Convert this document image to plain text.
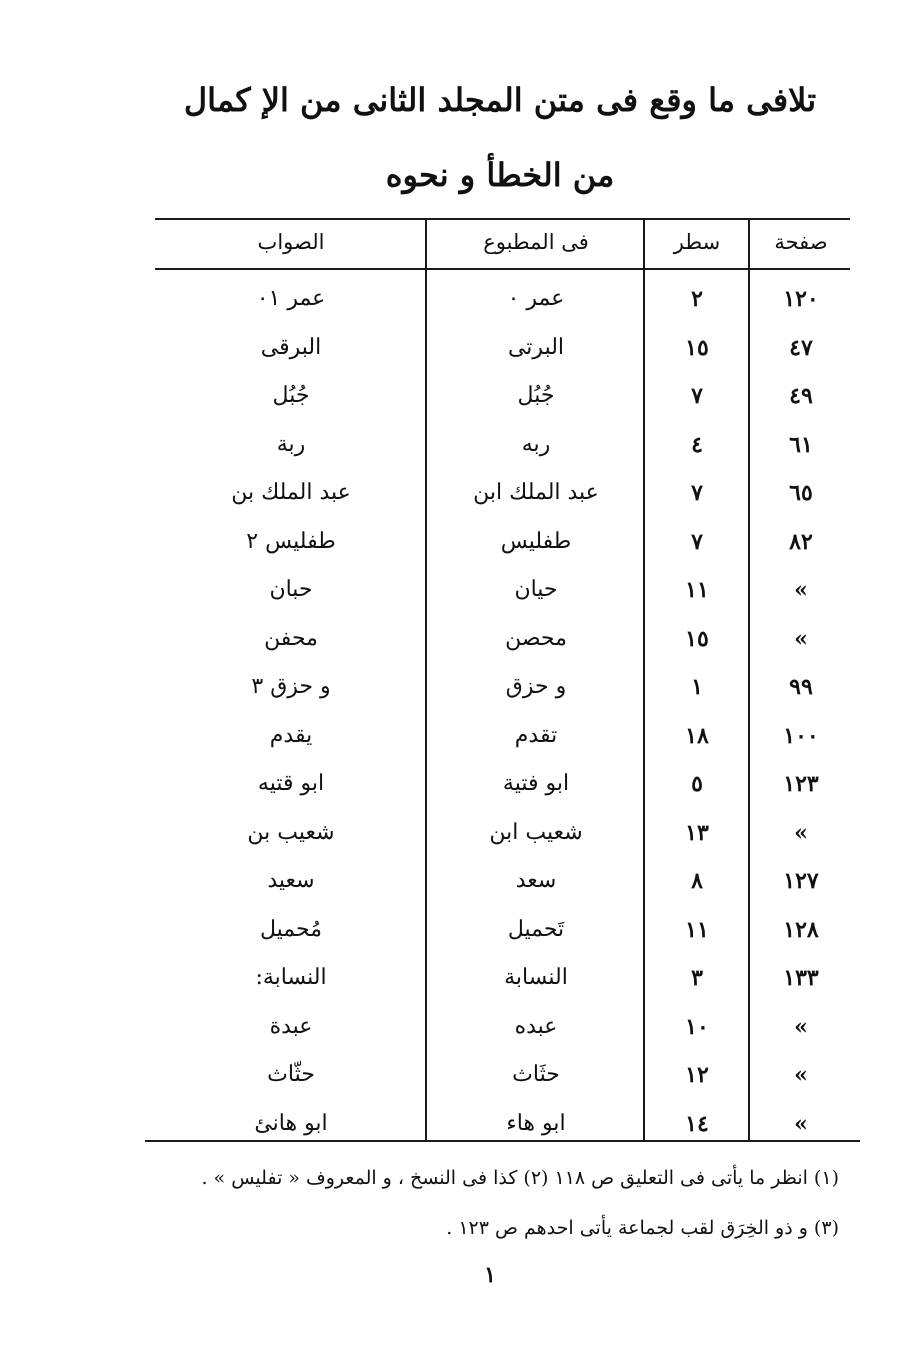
تلافى ما وقع فى متن المجلد الثانى من الإ كمال
من الخطأ و نحوه
صفحة
سطر
فى المطبوع
الصواب
١٢٠
٢
عمر ٠
عمر ٠١
٤٧
١٥
البرتى
البرقى
٤٩
٧
جُبُل
جُبُل
٦١
٤
ربه
ربة
٦٥
٧
عبد الملك ابن
عبد الملك بن
٨٢
٧
طفليس
طفليس ٢
»
١١
حيان
حبان
»
١٥
محصن
محفن
٩٩
١
و حزق
و حزق ٣
١٠٠
١٨
تقدم
يقدم
١٢٣
٥
ابو فتية
ابو قتيه
»
١٣
شعيب ابن
شعيب بن
١٢٧
٨
سعد
سعيد
١٢٨
١١
تَحميل
مُحميل
١٣٣
٣
النسابة
النسابة:
»
١٠
عبده
عبدة
»
١٢
حثَاث
حثّاث
»
١٤
ابو هاء
ابو هانئ
(١) انظر ما يأتى فى التعليق ص ١١٨ (٢) كذا فى النسخ ، و المعروف « تفليس » .
(٣) و ذو الخِرَق لقب لجماعة يأتى احدهم ص ١٢٣ .
١
